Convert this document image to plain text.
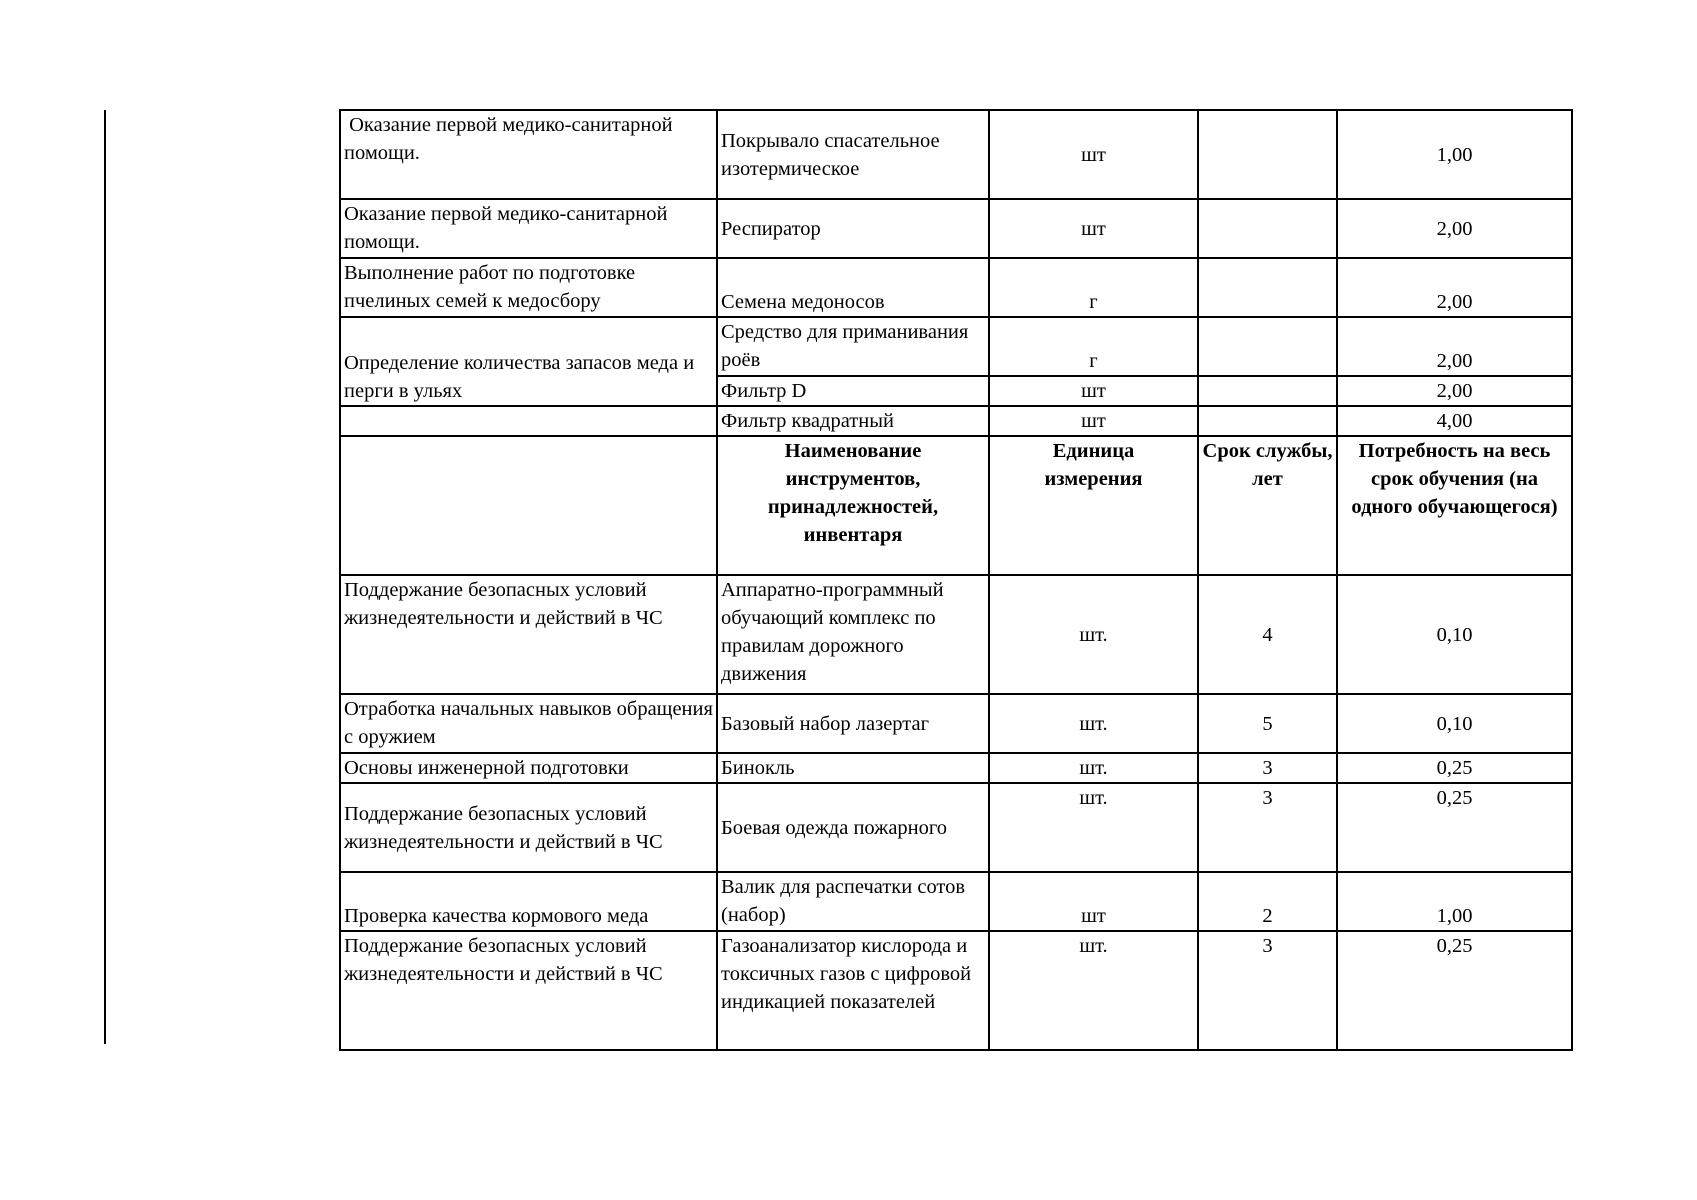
Оказание первой медико-санитарной помощи.	Покрывало спасательное изотермическое	шт		1,00
Оказание первой медико-санитарной помощи.	Респиратор	шт		2,00
Выполнение работ по подготовке пчелиных семей к медосбору	Семена медоносов	г		2,00
Определение количества запасов меда и перги в ульях	Средство для приманивания роёв	г		2,00
	Фильтр D	шт		2,00
	Фильтр квадратный	шт		4,00
	Наименование инструментов, принадлежностей, инвентаря	Единица измерения	Срок службы, лет	Потребность на весь срок обучения (на одного обучающегося)
Поддержание безопасных условий жизнедеятельности и действий в ЧС	Аппаратно-программный обучающий комплекс по правилам дорожного движения	шт.	4	0,10
Отработка начальных навыков обращения с оружием	Базовый набор лазертаг	шт.	5	0,10
Основы инженерной подготовки	Бинокль	шт.	3	0,25
Поддержание безопасных условий жизнедеятельности и действий в ЧС	Боевая одежда пожарного	шт.	3	0,25
Проверка качества кормового меда	Валик для распечатки сотов (набор)	шт	2	1,00
Поддержание безопасных условий жизнедеятельности и действий в ЧС	Газоанализатор кислорода и токсичных газов с цифровой индикацией показателей	шт.	3	0,25
